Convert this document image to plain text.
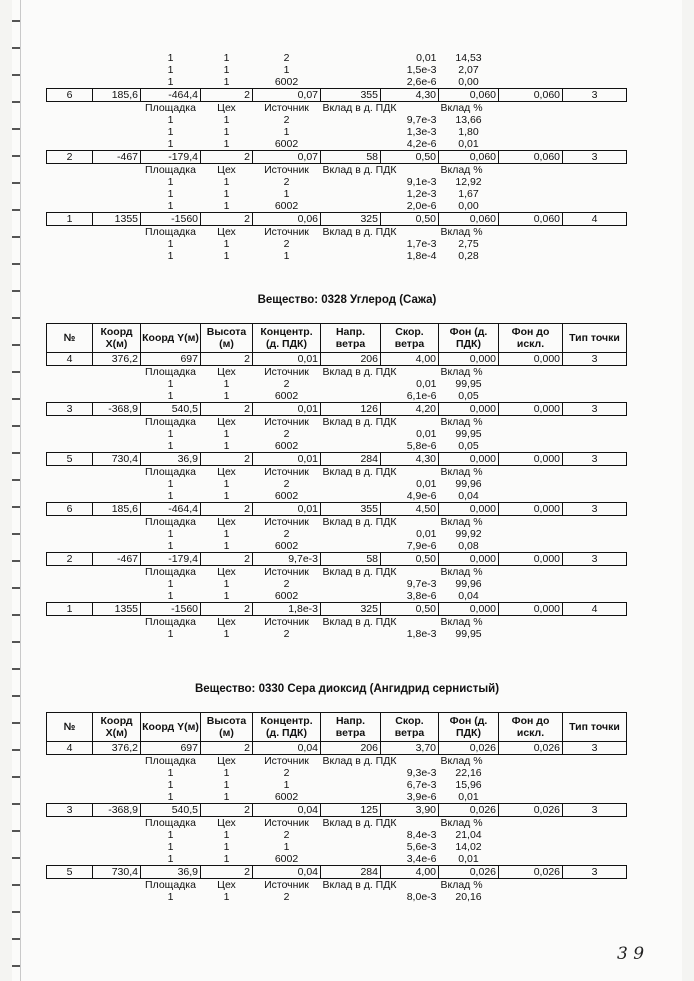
		1	1	2	0,01		14,53		
		1	1	1	1,5e-3		2,07		
		1	1	6002	2,6e-6		0,00		
6	185,6	-464,4	2	0,07	355	4,30	0,060	0,060	3
		Площадка	Цех	Источник	Вклад в д. ПДК		Вклад %		
		1	1	2	9,7e-3		13,66		
		1	1	1	1,3e-3		1,80		
		1	1	6002	4,2e-6		0,01		
2	-467	-179,4	2	0,07	58	0,50	0,060	0,060	3
		Площадка	Цех	Источник	Вклад в д. ПДК		Вклад %		
		1	1	2	9,1e-3		12,92		
		1	1	1	1,2e-3		1,67		
		1	1	6002	2,0e-6		0,00		
1	1355	-1560	2	0,06	325	0,50	0,060	0,060	4
		Площадка	Цех	Источник	Вклад в д. ПДК		Вклад %		
		1	1	2	1,7e-3		2,75		
		1	1	1	1,8e-4		0,28		
Вещество: 0328 Углерод (Сажа)
№	Коорд X(м)	Коорд Y(м)	Высота (м)	Концентр. (д. ПДК)	Напр. ветра	Скор. ветра	Фон (д. ПДК)	Фон до искл.	Тип точки
4	376,2	697	2	0,01	206	4,00	0,000	0,000	3
		Площадка	Цех	Источник	Вклад в д. ПДК		Вклад %		
		1	1	2	0,01		99,95		
		1	1	6002	6,1e-6		0,05		
3	-368,9	540,5	2	0,01	126	4,20	0,000	0,000	3
		Площадка	Цех	Источник	Вклад в д. ПДК		Вклад %		
		1	1	2	0,01		99,95		
		1	1	6002	5,8e-6		0,05		
5	730,4	36,9	2	0,01	284	4,30	0,000	0,000	3
		Площадка	Цех	Источник	Вклад в д. ПДК		Вклад %		
		1	1	2	0,01		99,96		
		1	1	6002	4,9e-6		0,04		
6	185,6	-464,4	2	0,01	355	4,50	0,000	0,000	3
		Площадка	Цех	Источник	Вклад в д. ПДК		Вклад %		
		1	1	2	0,01		99,92		
		1	1	6002	7,9e-6		0,08		
2	-467	-179,4	2	9,7e-3	58	0,50	0,000	0,000	3
		Площадка	Цех	Источник	Вклад в д. ПДК		Вклад %		
		1	1	2	9,7e-3		99,96		
		1	1	6002	3,8e-6		0,04		
1	1355	-1560	2	1,8e-3	325	0,50	0,000	0,000	4
		Площадка	Цех	Источник	Вклад в д. ПДК		Вклад %		
		1	1	2	1,8e-3		99,95		
Вещество: 0330 Сера диоксид (Ангидрид сернистый)
№	Коорд X(м)	Коорд Y(м)	Высота (м)	Концентр. (д. ПДК)	Напр. ветра	Скор. ветра	Фон (д. ПДК)	Фон до искл.	Тип точки
4	376,2	697	2	0,04	206	3,70	0,026	0,026	3
		Площадка	Цех	Источник	Вклад в д. ПДК		Вклад %		
		1	1	2	9,3e-3		22,16		
		1	1	1	6,7e-3		15,96		
		1	1	6002	3,9e-6		0,01		
3	-368,9	540,5	2	0,04	125	3,90	0,026	0,026	3
		Площадка	Цех	Источник	Вклад в д. ПДК		Вклад %		
		1	1	2	8,4e-3		21,04		
		1	1	1	5,6e-3		14,02		
		1	1	6002	3,4e-6		0,01		
5	730,4	36,9	2	0,04	284	4,00	0,026	0,026	3
		Площадка	Цех	Источник	Вклад в д. ПДК		Вклад %		
		1	1	2	8,0e-3		20,16		
3 9
